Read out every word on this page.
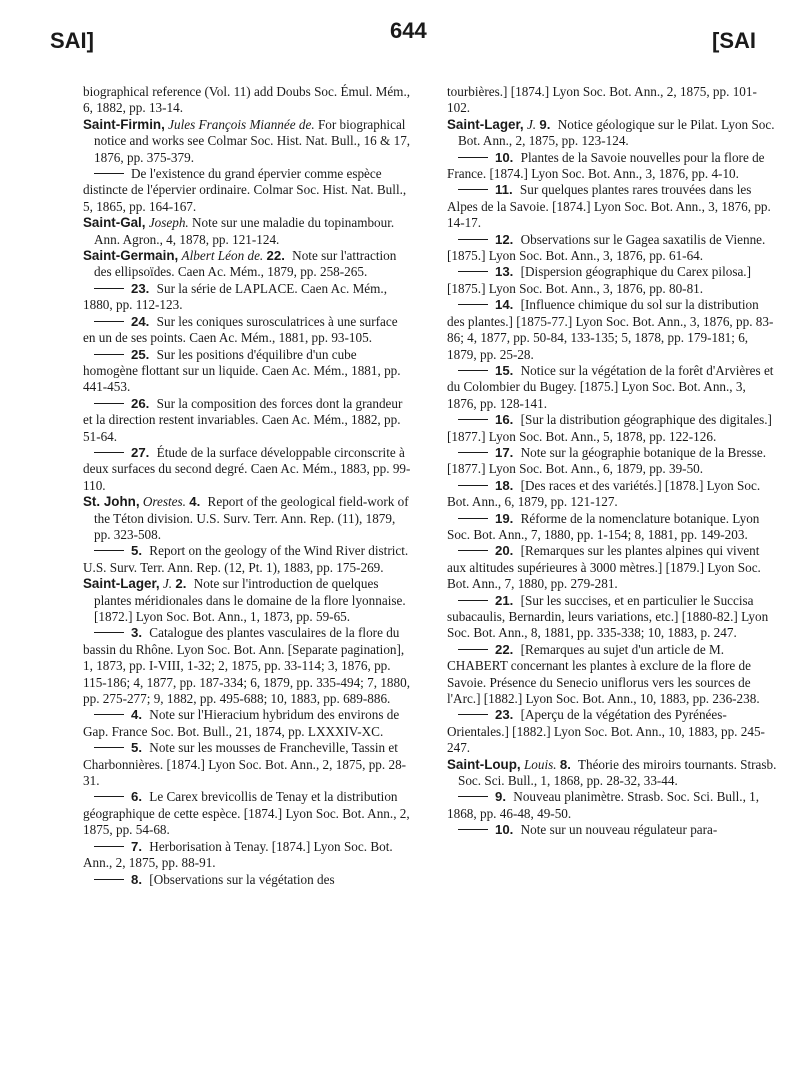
SAI]	644	[SAI

biographical reference (Vol. 11) add Doubs Soc. Émul. Mém., 6, 1882, pp. 13-14.

Saint-Firmin, Jules François Miannée de. For biographical notice and works see Colmar Soc. Hist. Nat. Bull., 16 & 17, 1876, pp. 375-379.

De l'existence du grand épervier comme espèce distincte de l'épervier ordinaire. Colmar Soc. Hist. Nat. Bull., 5, 1865, pp. 164-167.

Saint-Gal, Joseph. Note sur une maladie du topinambour. Ann. Agron., 4, 1878, pp. 121-124.

Saint-Germain, Albert Léon de. 22. Note sur l'attraction des ellipsoïdes. Caen Ac. Mém., 1879, pp. 258-265.

23. Sur la série de LAPLACE. Caen Ac. Mém., 1880, pp. 112-123.

24. Sur les coniques surosculatrices à une surface en un de ses points. Caen Ac. Mém., 1881, pp. 93-105.

25. Sur les positions d'équilibre d'un cube homogène flottant sur un liquide. Caen Ac. Mém., 1881, pp. 441-453.

26. Sur la composition des forces dont la grandeur et la direction restent invariables. Caen Ac. Mém., 1882, pp. 51-64.

27. Étude de la surface développable circonscrite à deux surfaces du second degré. Caen Ac. Mém., 1883, pp. 99-110.

St. John, Orestes. 4. Report of the geological field-work of the Téton division. U.S. Surv. Terr. Ann. Rep. (11), 1879, pp. 323-508.

5. Report on the geology of the Wind River district. U.S. Surv. Terr. Ann. Rep. (12, Pt. 1), 1883, pp. 175-269.

Saint-Lager, J. 2. Note sur l'introduction de quelques plantes méridionales dans le domaine de la flore lyonnaise. [1872.] Lyon Soc. Bot. Ann., 1, 1873, pp. 59-65.

3. Catalogue des plantes vasculaires de la flore du bassin du Rhône. Lyon Soc. Bot. Ann. [Separate pagination], 1, 1873, pp. I-VIII, 1-32; 2, 1875, pp. 33-114; 3, 1876, pp. 115-186; 4, 1877, pp. 187-334; 6, 1879, pp. 335-494; 7, 1880, pp. 275-277; 9, 1882, pp. 495-688; 10, 1883, pp. 689-886.

4. Note sur l'Hieracium hybridum des environs de Gap. France Soc. Bot. Bull., 21, 1874, pp. LXXXIV-XC.

5. Note sur les mousses de Francheville, Tassin et Charbonnières. [1874.] Lyon Soc. Bot. Ann., 2, 1875, pp. 28-31.

6. Le Carex brevicollis de Tenay et la distribution géographique de cette espèce. [1874.] Lyon Soc. Bot. Ann., 2, 1875, pp. 54-68.

7. Herborisation à Tenay. [1874.] Lyon Soc. Bot. Ann., 2, 1875, pp. 88-91.

8. [Observations sur la végétation des

tourbières.] [1874.] Lyon Soc. Bot. Ann., 2, 1875, pp. 101-102.

Saint-Lager, J. 9. Notice géologique sur le Pilat. Lyon Soc. Bot. Ann., 2, 1875, pp. 123-124.

10. Plantes de la Savoie nouvelles pour la flore de France. [1874.] Lyon Soc. Bot. Ann., 3, 1876, pp. 4-10.

11. Sur quelques plantes rares trouvées dans les Alpes de la Savoie. [1874.] Lyon Soc. Bot. Ann., 3, 1876, pp. 14-17.

12. Observations sur le Gagea saxatilis de Vienne. [1875.] Lyon Soc. Bot. Ann., 3, 1876, pp. 61-64.

13. [Dispersion géographique du Carex pilosa.] [1875.] Lyon Soc. Bot. Ann., 3, 1876, pp. 80-81.

14. [Influence chimique du sol sur la distribution des plantes.] [1875-77.] Lyon Soc. Bot. Ann., 3, 1876, pp. 83-86; 4, 1877, pp. 50-84, 133-135; 5, 1878, pp. 179-181; 6, 1879, pp. 25-28.

15. Notice sur la végétation de la forêt d'Arvières et du Colombier du Bugey. [1875.] Lyon Soc. Bot. Ann., 3, 1876, pp. 128-141.

16. [Sur la distribution géographique des digitales.] [1877.] Lyon Soc. Bot. Ann., 5, 1878, pp. 122-126.

17. Note sur la géographie botanique de la Bresse. [1877.] Lyon Soc. Bot. Ann., 6, 1879, pp. 39-50.

18. [Des races et des variétés.] [1878.] Lyon Soc. Bot. Ann., 6, 1879, pp. 121-127.

19. Réforme de la nomenclature botanique. Lyon Soc. Bot. Ann., 7, 1880, pp. 1-154; 8, 1881, pp. 149-203.

20. [Remarques sur les plantes alpines qui vivent aux altitudes supérieures à 3000 mètres.] [1879.] Lyon Soc. Bot. Ann., 7, 1880, pp. 279-281.

21. [Sur les succises, et en particulier le Succisa subacaulis, Bernardin, leurs variations, etc.] [1880-82.] Lyon Soc. Bot. Ann., 8, 1881, pp. 335-338; 10, 1883, p. 247.

22. [Remarques au sujet d'un article de M. CHABERT concernant les plantes à exclure de la flore de Savoie. Présence du Senecio uniflorus vers les sources de l'Arc.] [1882.] Lyon Soc. Bot. Ann., 10, 1883, pp. 236-238.

23. [Aperçu de la végétation des Pyrénées-Orientales.] [1882.] Lyon Soc. Bot. Ann., 10, 1883, pp. 245-247.

Saint-Loup, Louis. 8. Théorie des miroirs tournants. Strasb. Soc. Sci. Bull., 1, 1868, pp. 28-32, 33-44.

9. Nouveau planimètre. Strasb. Soc. Sci. Bull., 1, 1868, pp. 46-48, 49-50.

10. Note sur un nouveau régulateur para-
